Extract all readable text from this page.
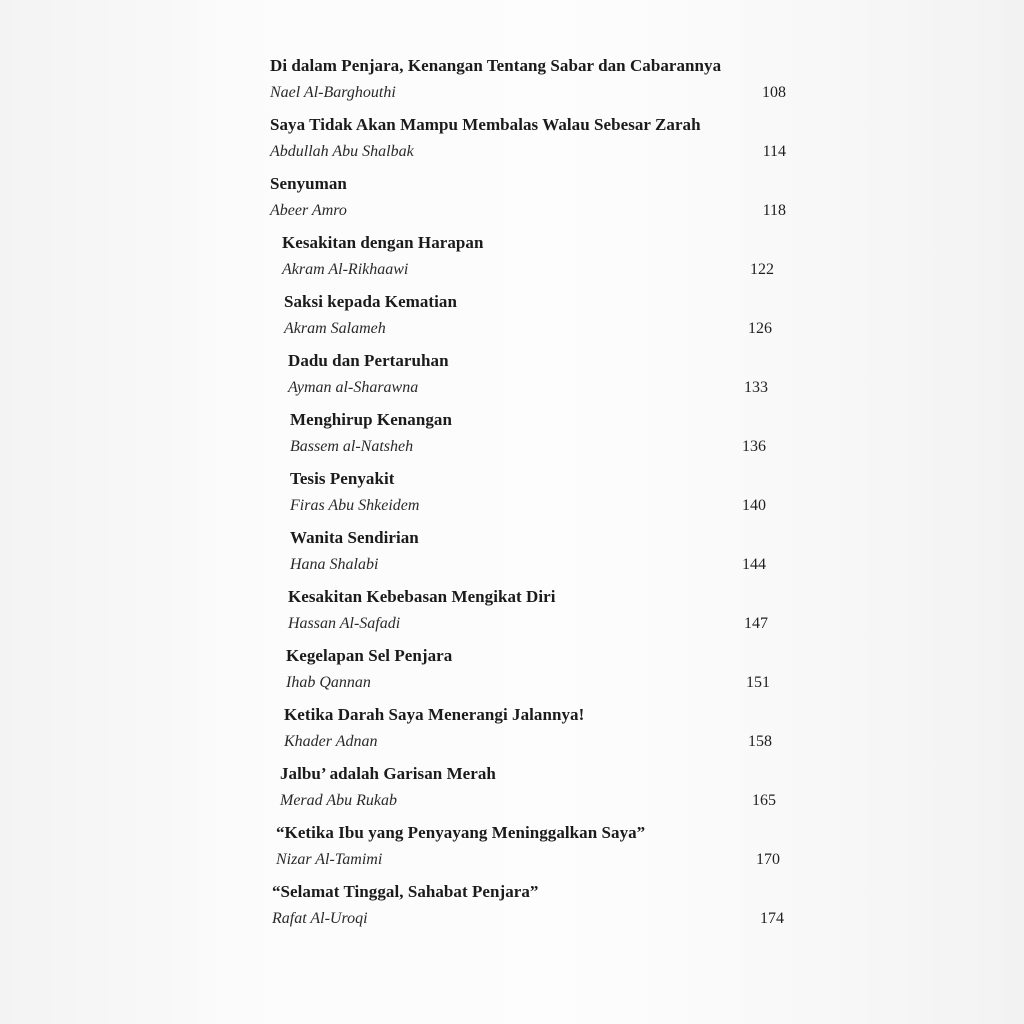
Di dalam Penjara, Kenangan Tentang Sabar dan Cabarannya
Nael Al-Barghouthi	108
Saya Tidak Akan Mampu Membalas Walau Sebesar Zarah
Abdullah Abu Shalbak	114
Senyuman
Abeer Amro	118
Kesakitan dengan Harapan
Akram Al-Rikhaawi	122
Saksi kepada Kematian
Akram Salameh	126
Dadu dan Pertaruhan
Ayman al-Sharawna	133
Menghirup Kenangan
Bassem al-Natsheh	136
Tesis Penyakit
Firas Abu Shkeidem	140
Wanita Sendirian
Hana Shalabi	144
Kesakitan Kebebasan Mengikat Diri
Hassan Al-Safadi	147
Kegelapan Sel Penjara
Ihab Qannan	151
Ketika Darah Saya Menerangi Jalannya!
Khader Adnan	158
Jalbu’ adalah Garisan Merah
Merad Abu Rukab	165
“Ketika Ibu yang Penyayang Meninggalkan Saya”
Nizar Al-Tamimi	170
“Selamat Tinggal, Sahabat Penjara”
Rafat Al-Uroqi	174
